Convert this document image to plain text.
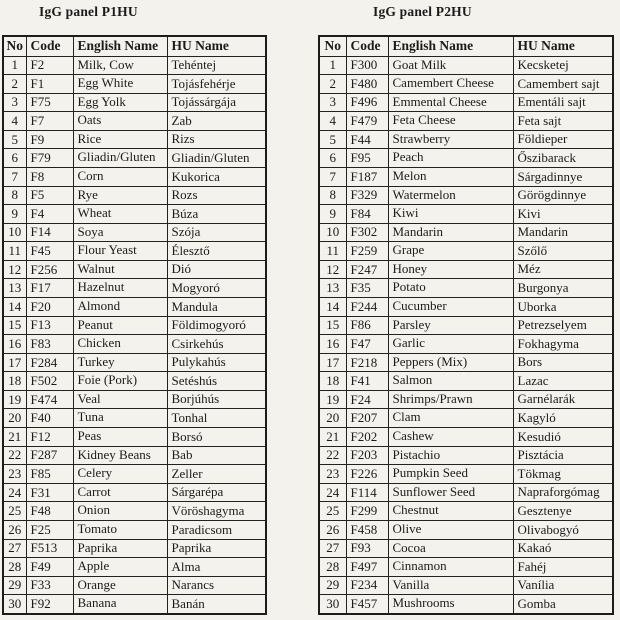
IgG panel P1HU	IgG panel P2HU
No	Code	English Name	HU Name
1	F2	Milk, Cow	Tehéntej
2	F1	Egg White	Tojásfehérje
3	F75	Egg Yolk	Tojássárgája
4	F7	Oats	Zab
5	F9	Rice	Rizs
6	F79	Gliadin/Gluten	Gliadin/Gluten
7	F8	Corn	Kukorica
8	F5	Rye	Rozs
9	F4	Wheat	Búza
10	F14	Soya	Szója
11	F45	Flour Yeast	Élesztő
12	F256	Walnut	Dió
13	F17	Hazelnut	Mogyoró
14	F20	Almond	Mandula
15	F13	Peanut	Földimogyoró
16	F83	Chicken	Csirkehús
17	F284	Turkey	Pulykahús
18	F502	Foie (Pork)	Setéshús
19	F474	Veal	Borjúhús
20	F40	Tuna	Tonhal
21	F12	Peas	Borsó
22	F287	Kidney Beans	Bab
23	F85	Celery	Zeller
24	F31	Carrot	Sárgarépa
25	F48	Onion	Vöröshagyma
26	F25	Tomato	Paradicsom
27	F513	Paprika	Paprika
28	F49	Apple	Alma
29	F33	Orange	Narancs
30	F92	Banana	Banán
No	Code	English Name	HU Name
1	F300	Goat Milk	Kecsketej
2	F480	Camembert Cheese	Camembert sajt
3	F496	Emmental Cheese	Ementáli sajt
4	F479	Feta Cheese	Feta sajt
5	F44	Strawberry	Földieper
6	F95	Peach	Őszibarack
7	F187	Melon	Sárgadinnye
8	F329	Watermelon	Görögdinnye
9	F84	Kiwi	Kivi
10	F302	Mandarin	Mandarin
11	F259	Grape	Szőlő
12	F247	Honey	Méz
13	F35	Potato	Burgonya
14	F244	Cucumber	Uborka
15	F86	Parsley	Petrezselyem
16	F47	Garlic	Fokhagyma
17	F218	Peppers (Mix)	Bors
18	F41	Salmon	Lazac
19	F24	Shrimps/Prawn	Garnélarák
20	F207	Clam	Kagyló
21	F202	Cashew	Kesudió
22	F203	Pistachio	Pisztácia
23	F226	Pumpkin Seed	Tökmag
24	F114	Sunflower Seed	Napraforgómag
25	F299	Chestnut	Gesztenye
26	F458	Olive	Olivabogyó
27	F93	Cocoa	Kakaó
28	F497	Cinnamon	Fahéj
29	F234	Vanilla	Vanília
30	F457	Mushrooms	Gomba
